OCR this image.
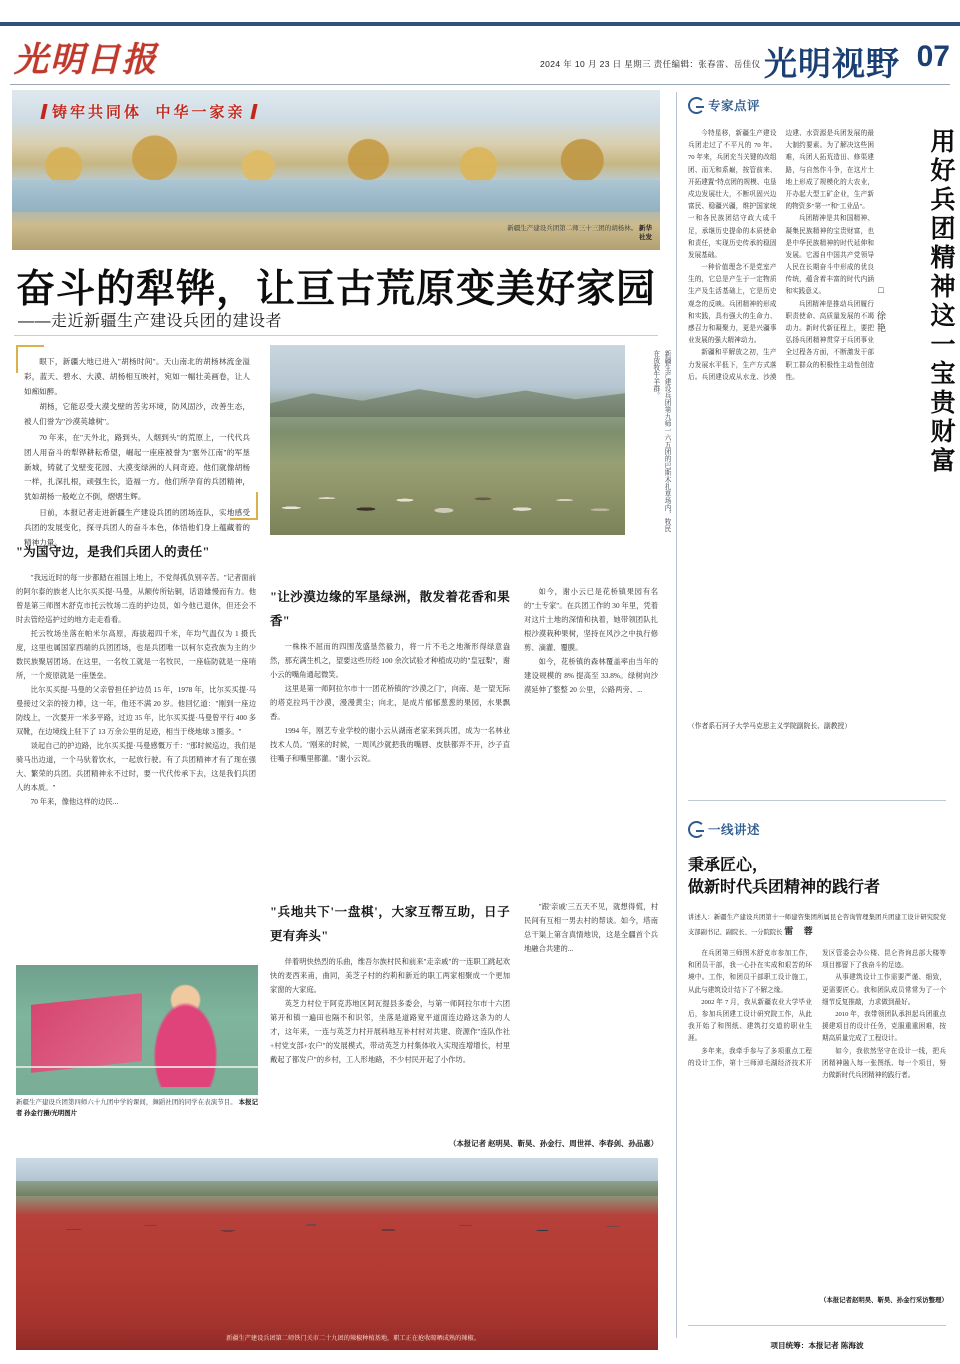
光明日报	2024 年 10 月 23 日 星期三 责任编辑：张春雷、岳佳仪 光明视野 07
铸牢共同体 中华一家亲
新疆生产建设兵团第二师三十三团的胡杨林。 新华社发
奋斗的犁铧，让亘古荒原变美好家园
——走近新疆生产建设兵团的建设者

眼下，新疆大地已进入"胡杨时间"。天山南北的胡杨林流金溢彩，蓝天、碧水、大漠、胡杨相互映衬，宛如一幅壮美画卷，让人如痴如醉。

胡杨，它能忍受大漠戈壁的苦劣环境，防风固沙，改善生态，被人们誉为"沙漠英雄树"。

70 年来，在"天外北，路到头，人烟到头"的荒原上，一代代兵团人用奋斗的犁铧耕耘希望，崛起一座座被誉为"塞外江南"的军垦新城，铸就了戈壁变花园、大漠变绿洲的人间奇迹。他们就像胡杨一样，扎深扎根，顽强生长，造福一方。他们所孕育的兵团精神，犹如胡杨一般屹立不倒，熠熠生辉。

日前，本报记者走进新疆生产建设兵团的团场连队，实地感受兵团的发展变化，探寻兵团人的奋斗本色，体悟他们身上蕴藏着的精神力量。

新疆生产建设兵团第九师一六五团的巴斯木扎草场内，牧民在放牧牛羊群。
"为国守边，是我们兵团人的责任"

"我远近时的每一步都踏在祖国上地上，不党得孤负别辛苦。"记者面前的阿尔泰的族老人比尔买买提·马曼，从额传所钻铜，话语雄慢而有力。他曾是第三师图木舒克市托云牧场二连的护边员，如今他已退休，但还会不时去管经巡护过的地方走走看看。

托云牧场坐落在帕米尔高原，海拔超四千米，年均气温仅为 1 摄氏度，这里也属国家西端的兵团团场，也是兵团唯一以柯尔克孜族为主的少数民族聚居团场。在这里，一名牧工就是一名牧民，一座临防就是一座哨所，一个废原就是一座堡垒。

比尔买买提·马曼的父亲曾担任护边员 15 年，1978 年，比尔买买提·马曼接过父亲的接力棒，这一年，他还不满 20 岁。他回忆道："刚到一座边防线上，一次要开一米多平路，过边 35 年，比尔买买提·马曼曾平行 400 多双靴，在边境线上驻下了 13 万余公里的足迹，相当于绕地球 3 圈多。"

谈起自己的护边路，比尔买买提·马曼感慨万千："那时候巡边，我们是骑马出边道，一个马驮着饮水，一起放行驶。有了兵团精神才有了现在强大、繁荣的兵团。兵团精神永不过时，要一代代传承下去，这是我们兵团人的本质。"

70 年来，像他这样的边民...

"让沙漠边缘的军垦绿洲，散发着花香和果香"

一株株不屈而的四围茂盛垦然毅力，将一片不毛之地渐形得绿意盎然，那充满生机之，望要这些历经 100 余次试验才种植成功的"皇冠梨"，谢小云的嘴角通起微笑。

这里是第一师阿拉尔市十一团花桥镇的"沙漠之门"，向南、是一望无际的塔克拉玛干沙漠，漫漫黄尘；向北，是成片郁郁葱葱的果园，水果飘香。

1994 年，刚艺专业学校的谢小云从湖南老家来到兵团，成为一名林业技术人员。"刚来的时候，一周风沙就把我的嘴唇、皮肤都弄不开，沙子直往嘴子和嘴里都灌。"谢小云说。

如今，谢小云已是花桥镇果园有名的"土专家"。在兵团工作的 30 年里，凭着对这片土地的深情和执着，她带领团队扎根沙漠栽种果树，坚持在风沙之中执行修剪、滴灌、覆膜。

如今，花桥镇的森林覆盖率由当年的建设规模的 8% 提高至 33.8%。绿树向沙漠延伸了整整 20 公里，公路两旁、...

"兵地共下'一盘棋'，大家互帮互助，日子更有奔头"

伴着明快热烈的乐曲，维吾尔族村民和前来"走亲戚"的一连职工跳起欢快的麦西来甫，曲同，美芝子村的约莉和新近的职工两家相聚成一个更加家窗的大家庭。

英芝力村位于阿克苏地区阿瓦提县多委会，与第一师阿拉尔市十六团第开和镇一遍田也隔不和识邻，坐落是道路宽平道面连边路这条为的人才，这年来，一连与英芝力村开展科地互补村村对共建、资源作"连队作社+村党支部+农户"的发展模式，带动英芝力村集体收入实现连增增长，村里戴起了都发户"的乡村，工人形地路，不少村民开起了小作坊。

"跟'亲戚'三五天不见，就想得慌，村民间有互相一男去村的帮谈。如今，塔南总干渠上第含真情地说，这是全疆首个兵地融合共建的...

（本报记者 赵明昊、靳昊、孙金行、周世祥、李春剑、孙品惠）
新疆生产建设兵团第四师六十九团中学的课间，舞蹈社团的同学在表演节目。 本报记者 孙金行摄/光明图片
新疆生产建设兵团第二师铁门关市二十九团的辣椒种植基地，职工正在抢收晾晒成熟的辣椒。
专家点评
用好兵团精神这一宝贵财富
□ 徐艳

今特星移，新疆生产建设兵团走过了不平凡的 70 年。70 年来，兵团充当关键的改组团、而无和系巅，按管前来、开拓建置"特点团的规模、屯垦戍边发展壮大，不断巩固兴边富民、稳疆兴疆，维护国家统一和各民族团结守政大成千足，承继历史提命的本质使命和责任，实现历史传承的稳固发展基础。

一种价值理念不是党室产生的，它总是产生于一定物质生产及生活基础上，它是历史观念的反映。兵团精神的形成和实践，具有强大的生命力、感召力和凝聚力，更是兴疆事业发展的强大精神动力。

新疆和平解放之初，生产力发展水平低下，生产方式落后。兵团建设成从水龙、沙漠边建、水资源是兵团发展的最大制约要素。为了解决这些困难，兵团人拓荒造田、修渠建路，与自然作斗争，在这片土地上形成了规模化的大农业，开办起大型工矿企业，生产新的物资多"第一"和"工业品"。

兵团精神是共和国精神、凝集民族精神的宝贵财富，也是中华民族精神的时代延伸和发展。它源自中国共产党领导人民在长期奋斗中形成的优良传统，蕴含着丰富的时代内涵和实践意义。

兵团精神是推动兵团履行职责使命、高质量发展的不竭动力。新时代新征程上，要把弘扬兵团精神贯穿于兵团事业全过程各方面，不断激发干部职工群众的积极性主动性创造性。

（作者系石河子大学马克思主义学院副院长、副教授）
一线讲述
秉承匠心，
做新时代兵团精神的践行者
讲述人：新疆生产建设兵团第十一师建咨集团所属昆仑咨询管理集团兵团建工设计研究院党支部副书记、副院长、一分院院长 雷 蓉

在兵团第三师图木舒克市参加工作，和团员干部，我一心扑在实成和艰苦的环境中。工作，和团员干部职工设计施工，从此与建筑设计结下了不解之缘。

2002 年 7 月，我从新疆农业大学毕业后，参加兵团建工设计研究院工作，从此我开始了和图纸、建筑打交道的职业生涯。

多年来，我牵手参与了多项重点工程的设计工作，第十三师淖毛湖经济技术开发区管委会办公楼、昆仑咨询总部大楼等项目都留下了我奋斗的足迹。

从事建筑设计工作需要严谨、细致，更需要匠心。我和团队成员常常为了一个细节反复推敲，力求做到最好。

2010 年，我带领团队承担起兵团重点援建项目的设计任务，克服重重困难，按期高质量完成了工程设计。

如今，我依然坚守在设计一线，把兵团精神融入每一张图纸、每一个项目，努力做新时代兵团精神的践行者。

（本报记者赵明昊、靳昊、孙金行采访整理）
项目统筹：本报记者 陈海波
